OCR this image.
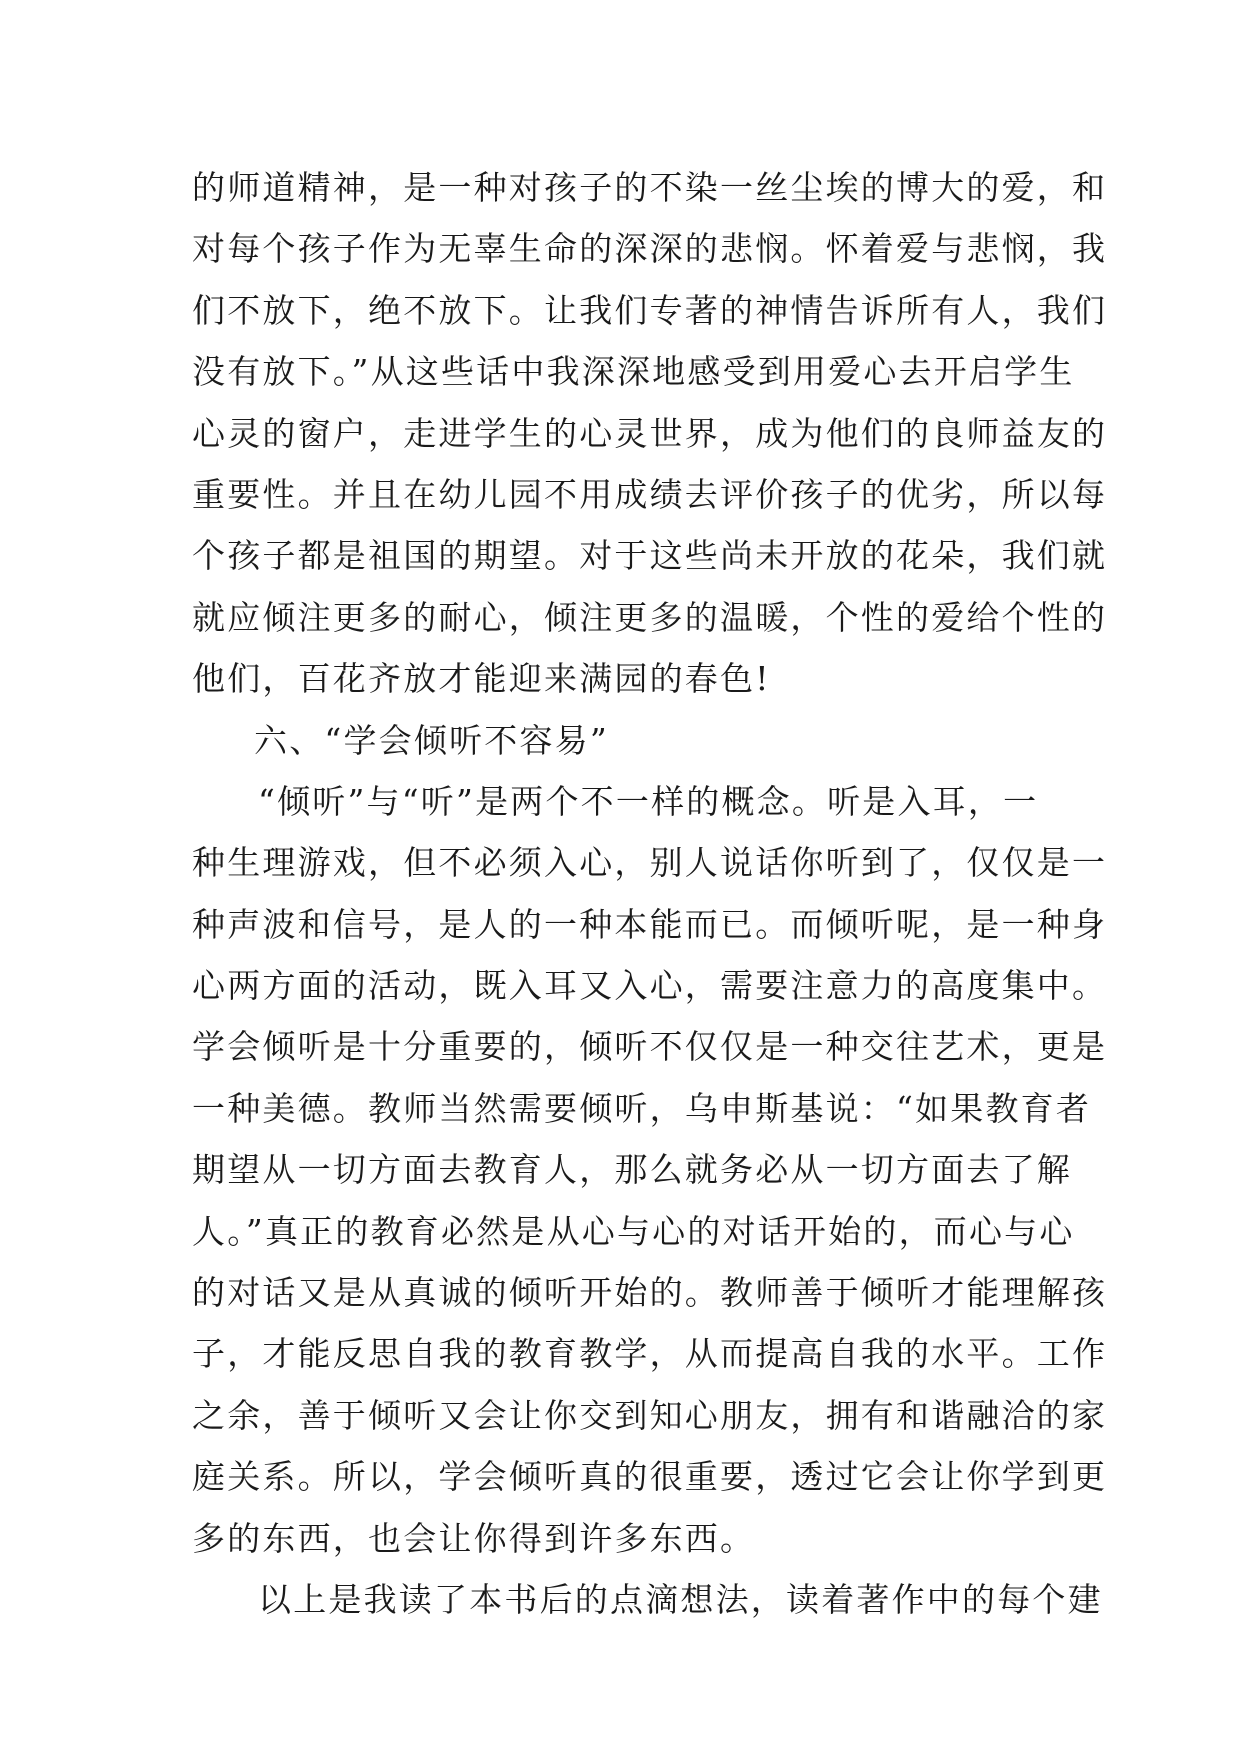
的师道精神，是一种对孩子的不染一丝尘埃的博大的爱，和
对每个孩子作为无辜生命的深深的悲悯。怀着爱与悲悯，我
们不放下，绝不放下。让我们专著的神情告诉所有人，我们
没有放下。”从这些话中我深深地感受到用爱心去开启学生
心灵的窗户，走进学生的心灵世界，成为他们的良师益友的
重要性。并且在幼儿园不用成绩去评价孩子的优劣，所以每
个孩子都是祖国的期望。对于这些尚未开放的花朵，我们就
就应倾注更多的耐心，倾注更多的温暖，个性的爱给个性的
他们，百花齐放才能迎来满园的春色!
六、“学会倾听不容易”
“倾听”与“听”是两个不一样的概念。听是入耳，一
种生理游戏，但不必须入心，别人说话你听到了，仅仅是一
种声波和信号，是人的一种本能而已。而倾听呢，是一种身
心两方面的活动，既入耳又入心，需要注意力的高度集中。
学会倾听是十分重要的，倾听不仅仅是一种交往艺术，更是
一种美德。教师当然需要倾听，乌申斯基说：“如果教育者
期望从一切方面去教育人，那么就务必从一切方面去了解
人。”真正的教育必然是从心与心的对话开始的，而心与心
的对话又是从真诚的倾听开始的。教师善于倾听才能理解孩
子，才能反思自我的教育教学，从而提高自我的水平。工作
之余，善于倾听又会让你交到知心朋友，拥有和谐融洽的家
庭关系。所以，学会倾听真的很重要，透过它会让你学到更
多的东西，也会让你得到许多东西。
以上是我读了本书后的点滴想法，读着著作中的每个建
